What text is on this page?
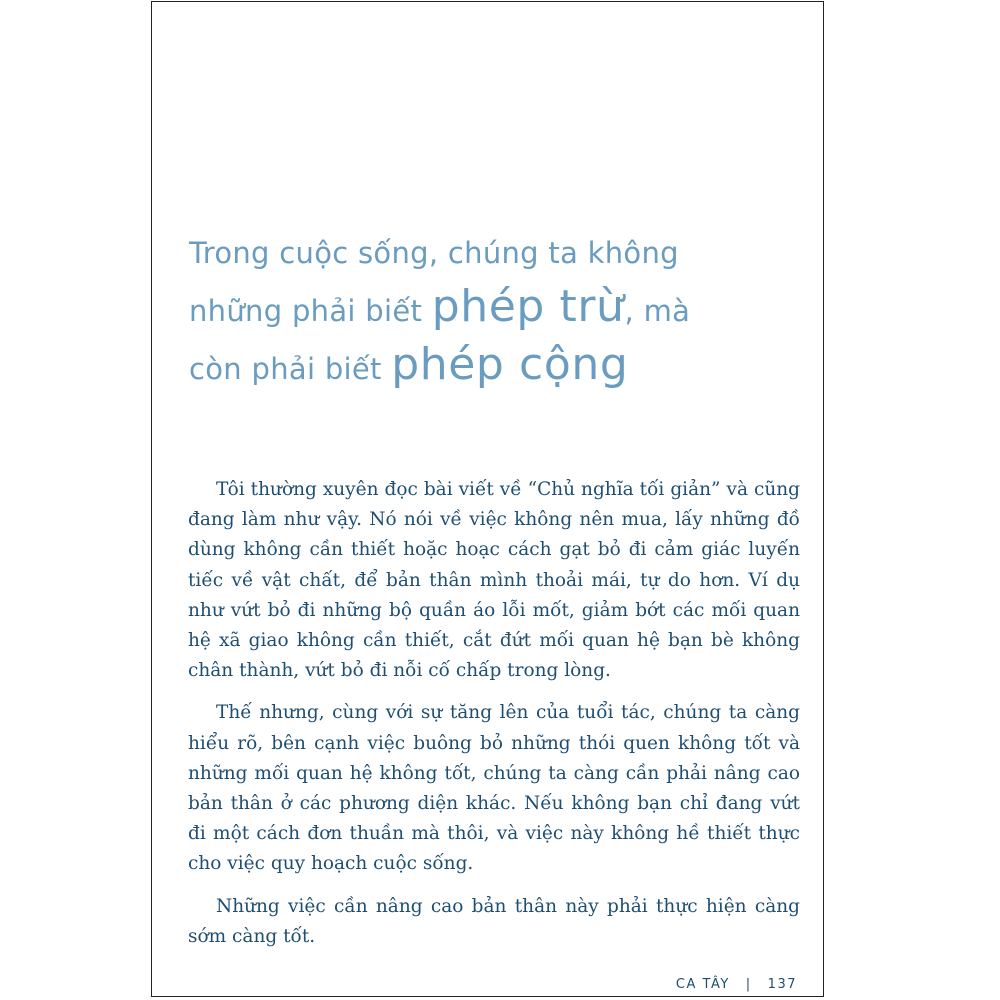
Trong cuộc sống, chúng ta không
những phải biết phép trừ, mà
còn phải biết phép cộng

Tôi thường xuyên đọc bài viết về “Chủ nghĩa tối giản” và cũng
đang làm như vậy. Nó nói về việc không nên mua, lấy những đồ
dùng không cần thiết hoặc hoạc cách gạt bỏ đi cảm giác luyến
tiếc về vật chất, để bản thân mình thoải mái, tự do hơn. Ví dụ
như vứt bỏ đi những bộ quần áo lỗi mốt, giảm bớt các mối quan
hệ xã giao không cần thiết, cắt đứt mối quan hệ bạn bè không
chân thành, vứt bỏ đi nỗi cố chấp trong lòng.

Thế nhưng, cùng với sự tăng lên của tuổi tác, chúng ta càng
hiểu rõ, bên cạnh việc buông bỏ những thói quen không tốt và
những mối quan hệ không tốt, chúng ta càng cần phải nâng cao
bản thân ở các phương diện khác. Nếu không bạn chỉ đang vứt
đi một cách đơn thuần mà thôi, và việc này không hề thiết thực
cho việc quy hoạch cuộc sống.

Những việc cần nâng cao bản thân này phải thực hiện càng
sớm càng tốt.

CA TÂY | 137
